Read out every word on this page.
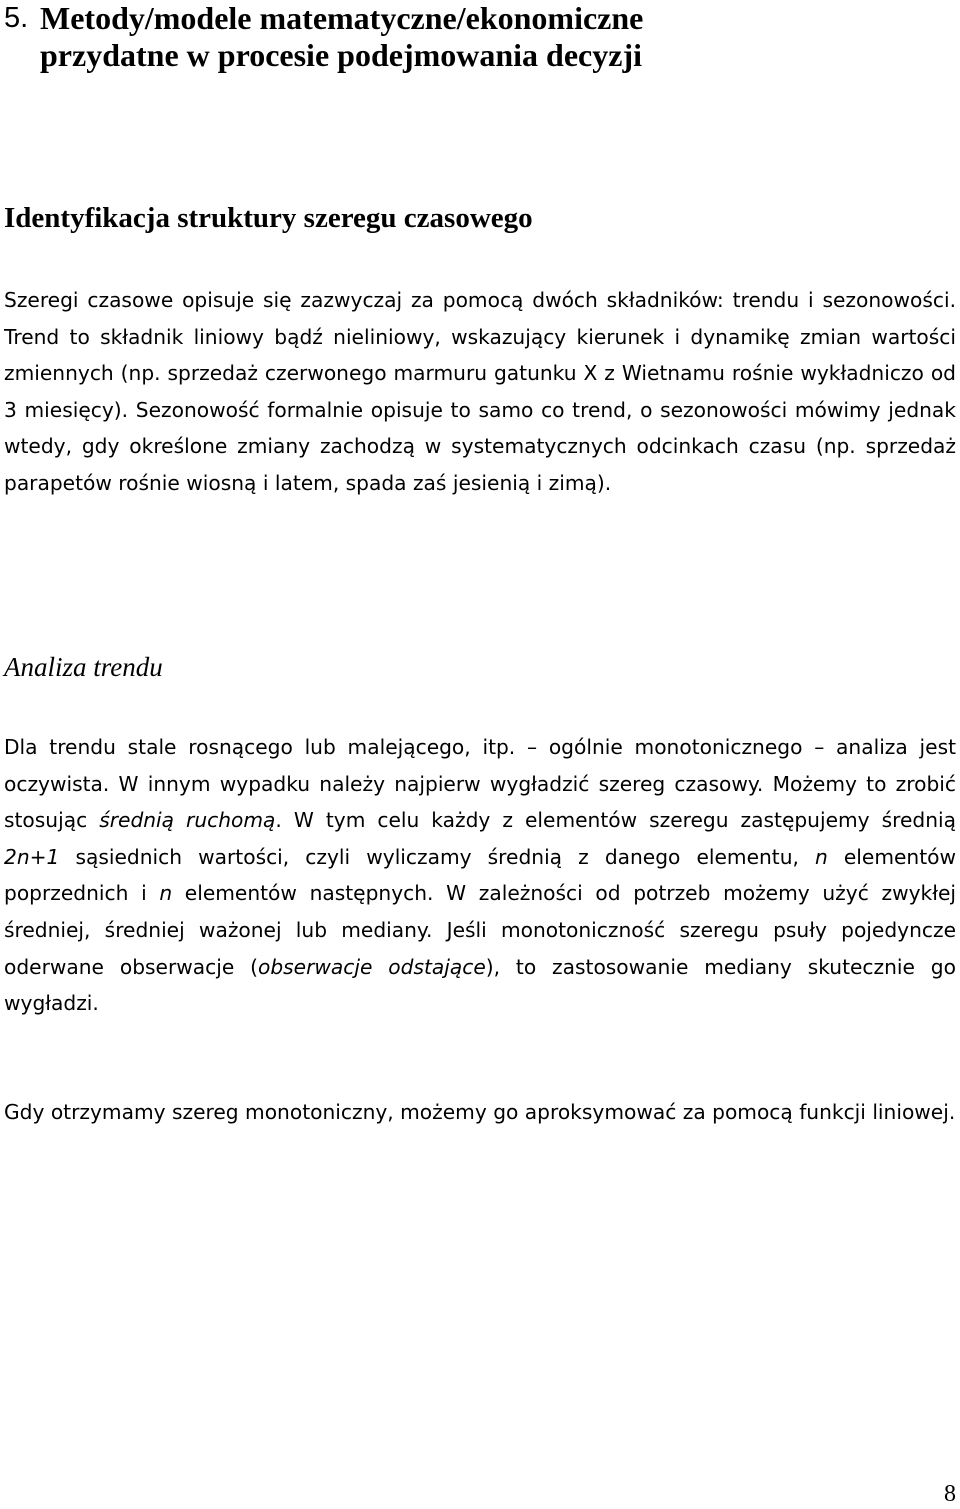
5. Metody/modele matematyczne/ekonomiczne
przydatne w procesie podejmowania decyzji
Identyfikacja struktury szeregu czasowego

Szeregi czasowe opisuje się zazwyczaj za pomocą dwóch składników: trendu i sezonowości. Trend to składnik liniowy bądź nieliniowy, wskazujący kierunek i dynamikę zmian wartości zmiennych (np. sprzedaż czerwonego marmuru gatunku X z Wietnamu rośnie wykładniczo od 3 miesięcy). Sezonowość formalnie opisuje to samo co trend, o sezonowości mówimy jednak wtedy, gdy określone zmiany zachodzą w systematycznych odcinkach czasu (np. sprzedaż parapetów rośnie wiosną i latem, spada zaś jesienią i zimą).

Analiza trendu

Dla trendu stale rosnącego lub malejącego, itp. – ogólnie monotonicznego – analiza jest oczywista. W innym wypadku należy najpierw wygładzić szereg czasowy. Możemy to zrobić stosując średnią ruchomą. W tym celu każdy z elementów szeregu zastępujemy średnią 2n+1 sąsiednich wartości, czyli wyliczamy średnią z danego elementu, n elementów poprzednich i n elementów następnych. W zależności od potrzeb możemy użyć zwykłej średniej, średniej ważonej lub mediany. Jeśli monotoniczność szeregu psuły pojedyncze oderwane obserwacje (obserwacje odstające), to zastosowanie mediany skutecznie go wygładzi.

Gdy otrzymamy szereg monotoniczny, możemy go aproksymować za pomocą funkcji liniowej.

8
